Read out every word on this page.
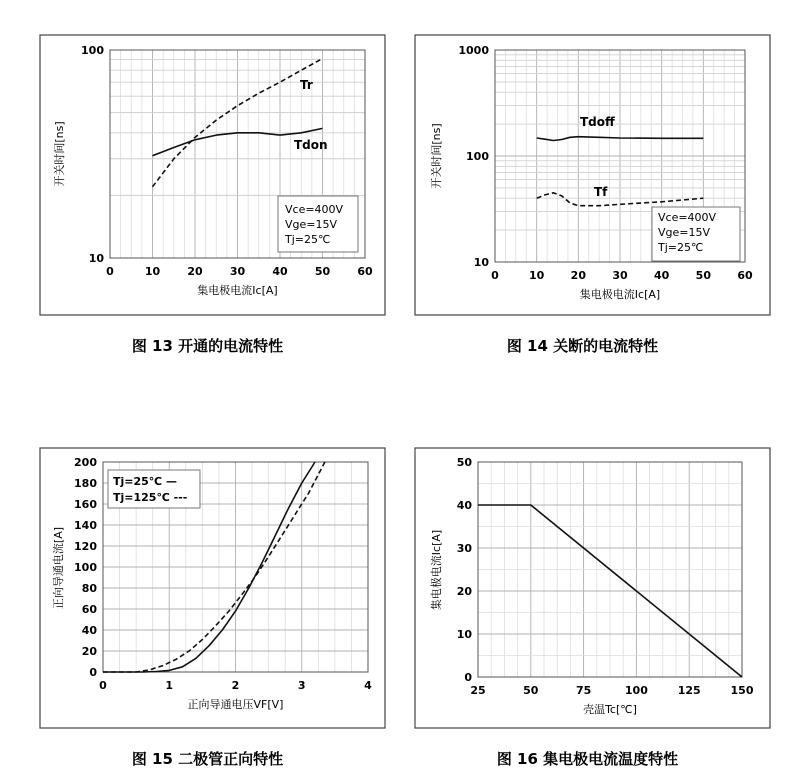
0	10 20 30 40 50 60
10
100
集电极电流Ic[A]
开关时间[ns]
Tr
Tdon
Vce=400V
Vge=15V
Tj=25℃
0	10 20 30 40 50 60
10
100
1000
集电极电流Ic[A]
开关时间[ns]
Tdoff
Tf
Vce=400V
Vge=15V
Tj=25℃
0	1	2	3	4
0
20
40
60
80
100
120
140
160
180
200
正向导通电压VF[V]
正向导通电流[A]
Tj=25℃ —
Tj=125℃ ---
25	50	75	100	125	150
0
10
20
30
40
50
壳温Tc[℃]
集电极电流Ic[A]
图 13 开通的电流特性	图 14 关断的电流特性
图 15 二极管正向特性	图 16 集电极电流温度特性
